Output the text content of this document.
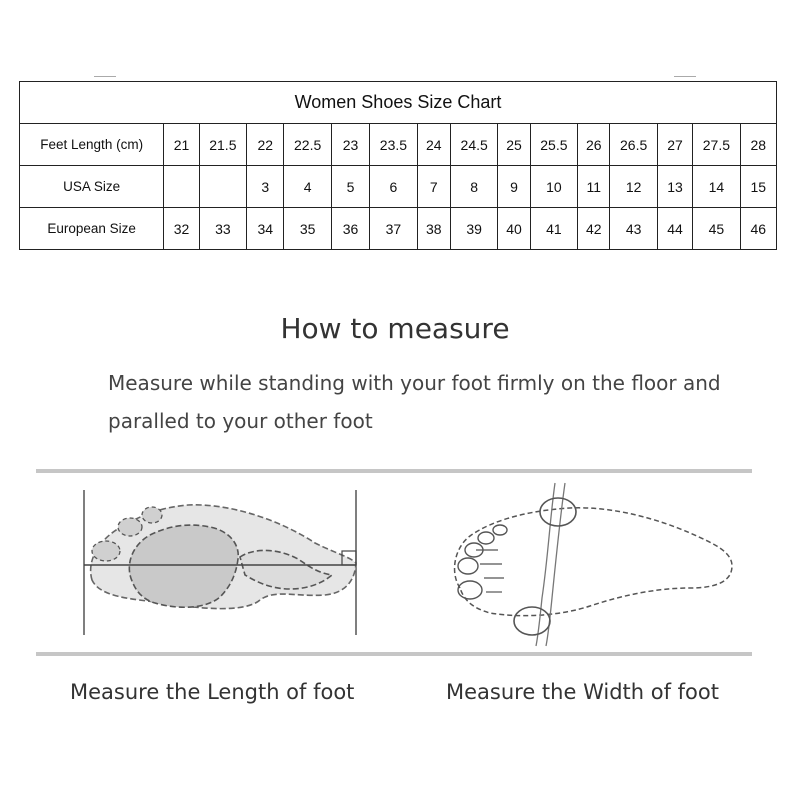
Women Shoes Size Chart															
Feet Length (cm)	21	21.5	22	22.5	23	23.5	24	24.5	25	25.5	26	26.5	27	27.5	28
USA Size			3	4	5	6	7	8	9	10	11	12	13	14	15
European Size	32	33	34	35	36	37	38	39	40	41	42	43	44	45	46
How to measure
Measure while standing with your foot firmly on the floor and
paralled to your other foot
Measure the Length of foot	Measure the Width of foot
